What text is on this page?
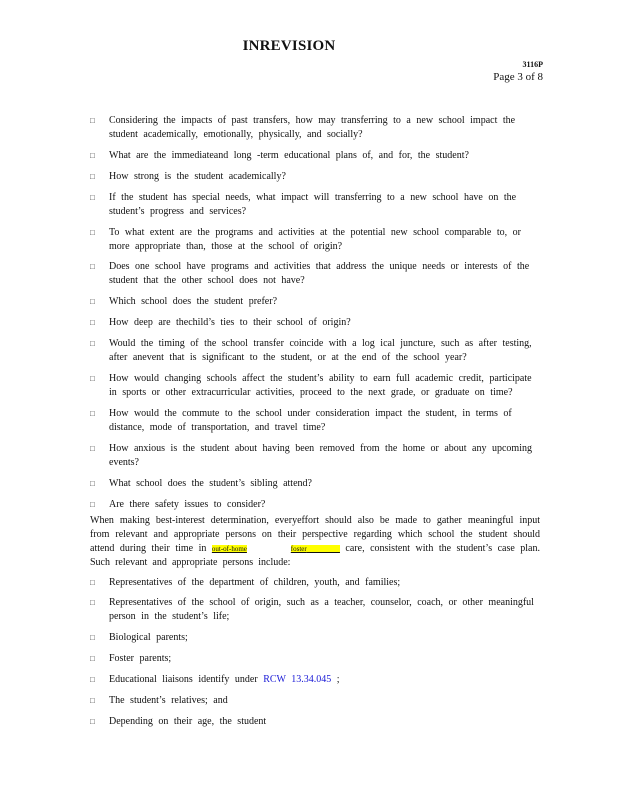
INREVISION
3116P
Page 3 of 8
□	Considering the impacts of past transfers, how may transferring to a new school impact the student academically, emotionally, physically, and socially?
□	What are the immediateand long -term educational plans of, and for, the student?
□	How strong is the student academically?
□	If the student has special needs, what impact will transferring to a new school have on the student’s progress and services?
□	To what extent are the programs and activities at the potential new school comparable to, or more appropriate than, those at the school of origin?
□	Does one school have programs and activities that address the unique needs or interests of the student that the other school does not have?
□	Which school does the student prefer?
□	How deep are thechild’s ties to their school of origin?
□	Would the timing of the school transfer coincide with a log ical juncture, such as after testing, after anevent that is significant to the student, or at the end of the school year?
□	How would changing schools affect the student’s ability to earn full academic credit, participate in sports or other extracurricular activities, proceed to the next grade, or graduate on time?
□	How would the commute to the school under consideration impact the student, in terms of distance, mode of transportation, and travel time?
□	How anxious is the student about having been removed from the home or about any upcoming events?
□	What school does the student’s sibling attend?
□	Are there safety issues to consider?

When making best-interest determination, everyeffort should also be made to gather meaningful input from relevant and appropriate persons on their perspective regarding which school the student should attend during their time in out-of-home	foster	care, consistent with the student’s case plan. Such relevant and appropriate persons include:

□	Representatives of the department of children, youth, and families;
□	Representatives of the school of origin, such as a teacher, counselor, coach, or other meaningful person in the student’s life;
□	Biological parents;
□	Foster parents;
□	Educational liaisons identify under RCW 13.34.045 ;
□	The student’s relatives; and
□	Depending on their age, the student
